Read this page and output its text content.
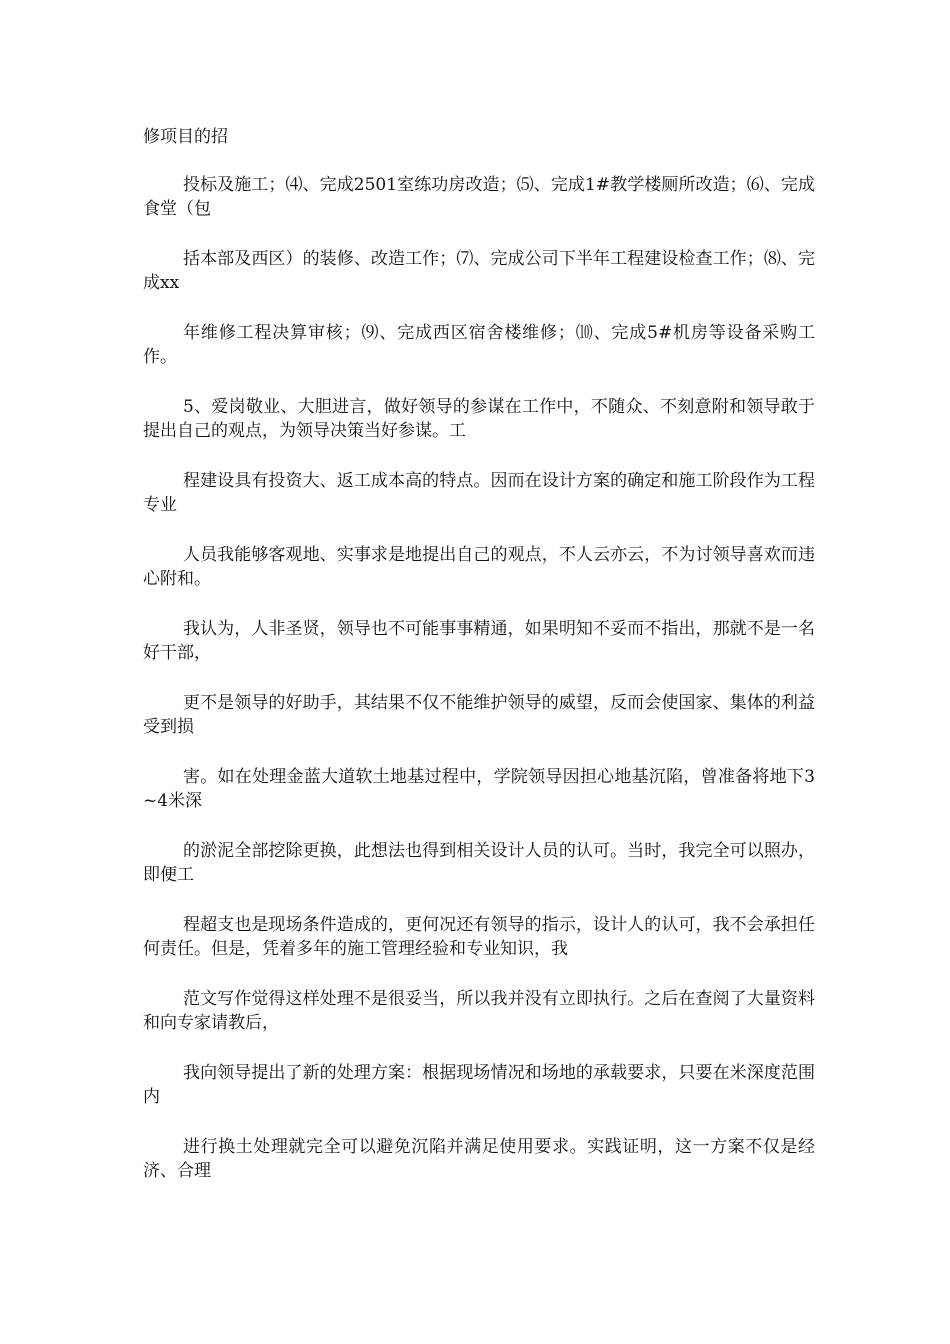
修项目的招

投标及施工；⑷、完成2501室练功房改造；⑸、完成1#教学楼厕所改造；⑹、完成食堂（包

括本部及西区）的装修、改造工作；⑺、完成公司下半年工程建设检查工作；⑻、完成xx

年维修工程决算审核；⑼、完成西区宿舍楼维修；⑽、完成5#机房等设备采购工作。

5、爱岗敬业、大胆进言，做好领导的参谋在工作中，不随众、不刻意附和领导敢于提出自己的观点，为领导决策当好参谋。工

程建设具有投资大、返工成本高的特点。因而在设计方案的确定和施工阶段作为工程专业

人员我能够客观地、实事求是地提出自己的观点，不人云亦云，不为讨领导喜欢而违心附和。

我认为，人非圣贤，领导也不可能事事精通，如果明知不妥而不指出，那就不是一名好干部，

更不是领导的好助手，其结果不仅不能维护领导的威望，反而会使国家、集体的利益受到损

害。如在处理金蓝大道软土地基过程中，学院领导因担心地基沉陷，曾准备将地下3~4米深

的淤泥全部挖除更换，此想法也得到相关设计人员的认可。当时，我完全可以照办，即便工

程超支也是现场条件造成的，更何况还有领导的指示，设计人的认可，我不会承担任何责任。但是，凭着多年的施工管理经验和专业知识，我

范文写作觉得这样处理不是很妥当，所以我并没有立即执行。之后在查阅了大量资料和向专家请教后，

我向领导提出了新的处理方案：根据现场情况和场地的承载要求，只要在米深度范围内

进行换土处理就完全可以避免沉陷并满足使用要求。实践证明，这一方案不仅是经济、合理
